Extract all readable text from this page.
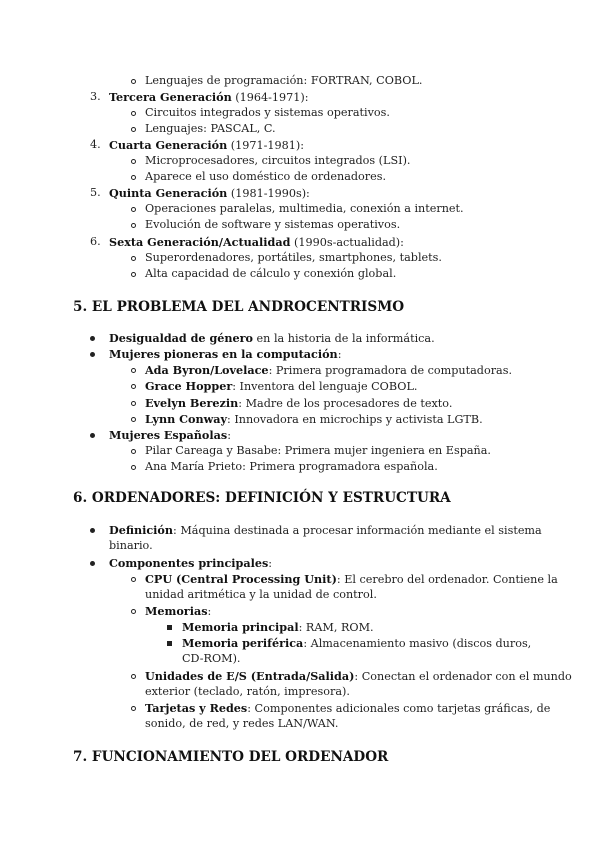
Lenguajes de programación: FORTRAN, COBOL.
3. Tercera Generación (1964-1971):
Circuitos integrados y sistemas operativos.
Lenguajes: PASCAL, C.
4. Cuarta Generación (1971-1981):
Microprocesadores, circuitos integrados (LSI).
Aparece el uso doméstico de ordenadores.
5. Quinta Generación (1981-1990s):
Operaciones paralelas, multimedia, conexión a internet.
Evolución de software y sistemas operativos.
6. Sexta Generación/Actualidad (1990s-actualidad):
Superordenadores, portátiles, smartphones, tablets.
Alta capacidad de cálculo y conexión global.
5. EL PROBLEMA DEL ANDROCENTRISMO
Desigualdad de género en la historia de la informática.
Mujeres pioneras en la computación:
Ada Byron/Lovelace: Primera programadora de computadoras.
Grace Hopper: Inventora del lenguaje COBOL.
Evelyn Berezin: Madre de los procesadores de texto.
Lynn Conway: Innovadora en microchips y activista LGTB.
Mujeres Españolas:
Pilar Careaga y Basabe: Primera mujer ingeniera en España.
Ana María Prieto: Primera programadora española.
6. ORDENADORES: DEFINICIÓN Y ESTRUCTURA
Definición: Máquina destinada a procesar información mediante el sistema
binario.
Componentes principales:
CPU (Central Processing Unit): El cerebro del ordenador. Contiene la
unidad aritmética y la unidad de control.
Memorias:
Memoria principal: RAM, ROM.
Memoria periférica: Almacenamiento masivo (discos duros,
CD-ROM).
Unidades de E/S (Entrada/Salida): Conectan el ordenador con el mundo
exterior (teclado, ratón, impresora).
Tarjetas y Redes: Componentes adicionales como tarjetas gráficas, de
sonido, de red, y redes LAN/WAN.
7. FUNCIONAMIENTO DEL ORDENADOR
